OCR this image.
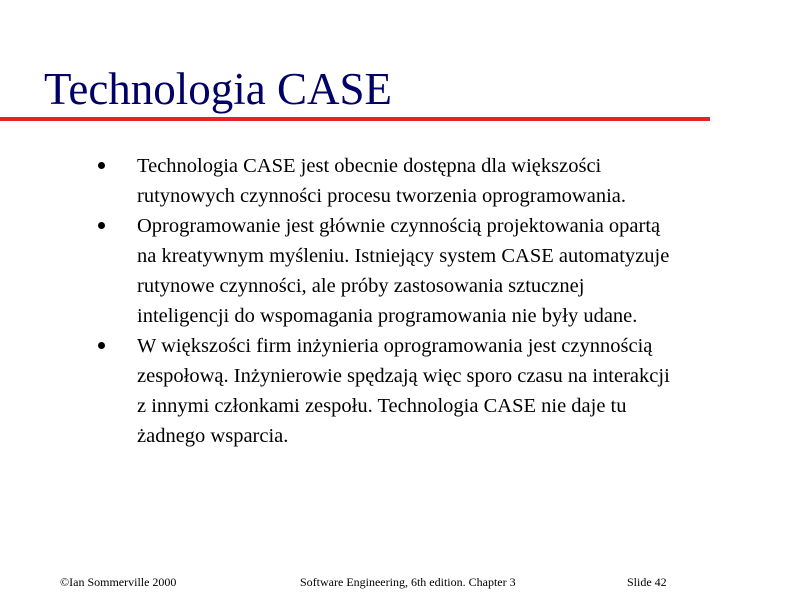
Technologia CASE
Technologia CASE jest obecnie dostępna dla większości
rutynowych czynności procesu tworzenia oprogramowania.
Oprogramowanie jest głównie czynnością projektowania opartą
na kreatywnym myśleniu. Istniejący system CASE automatyzuje
rutynowe czynności, ale próby zastosowania sztucznej
inteligencji do wspomagania programowania nie były udane.
W większości firm inżynieria oprogramowania jest czynnością
zespołową. Inżynierowie spędzają więc sporo czasu na interakcji
z innymi członkami zespołu. Technologia CASE nie daje tu
żadnego wsparcia.
©Ian Sommerville 2000	Software Engineering, 6th edition. Chapter 3	Slide 42
